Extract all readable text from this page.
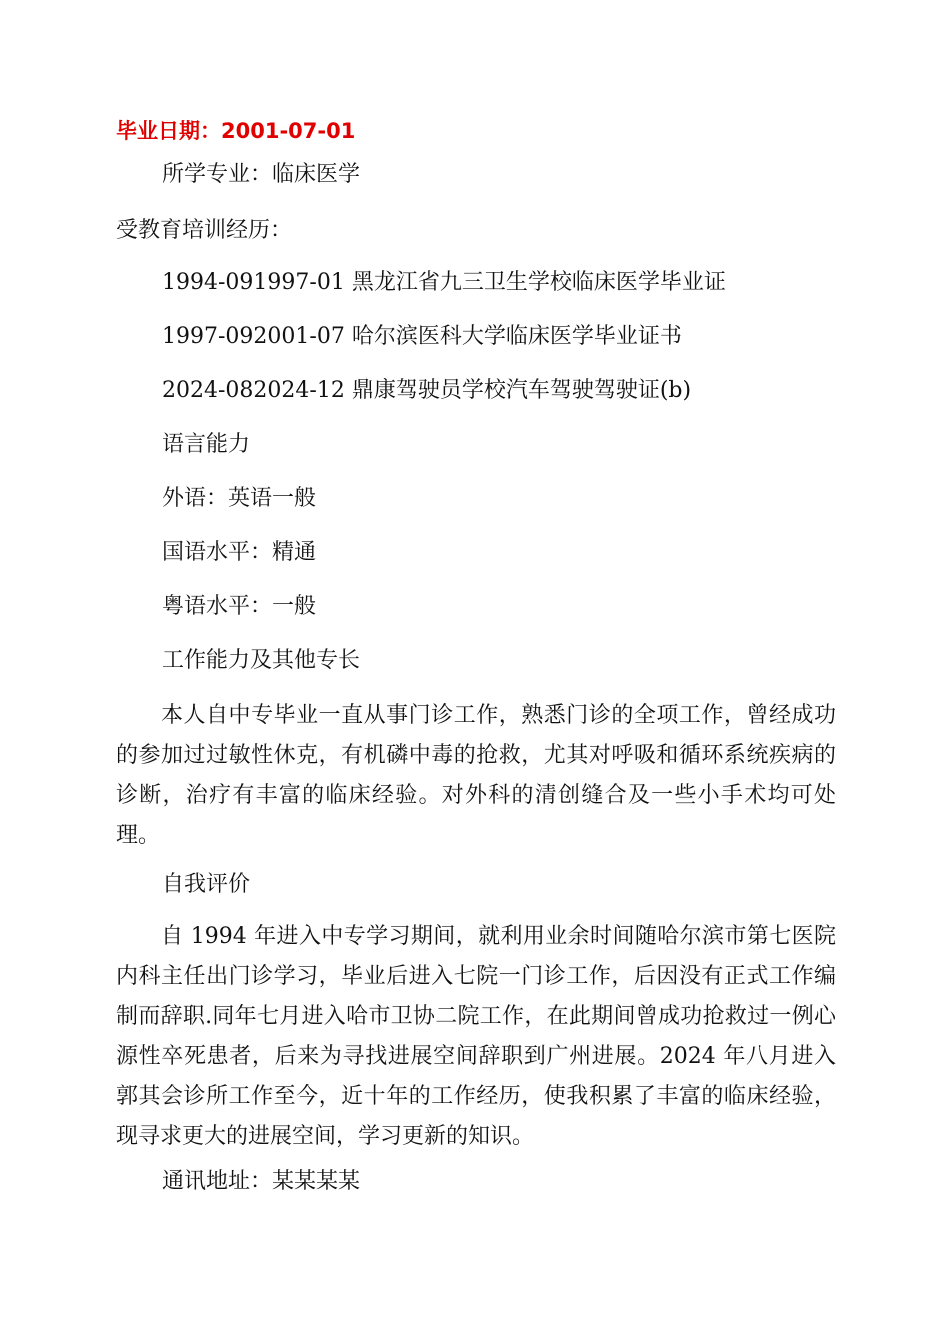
毕业日期：2001-07-01
所学专业：临床医学
受教育培训经历：
1994-091997-01 黑龙江省九三卫生学校临床医学毕业证
1997-092001-07 哈尔滨医科大学临床医学毕业证书
2024-082024-12 鼎康驾驶员学校汽车驾驶驾驶证(b)
语言能力
外语：英语一般
国语水平：精通
粤语水平：一般
工作能力及其他专长
本人自中专毕业一直从事门诊工作，熟悉门诊的全项工作，曾经成功的参加过过敏性休克，有机磷中毒的抢救，尤其对呼吸和循环系统疾病的诊断，治疗有丰富的临床经验。对外科的清创缝合及一些小手术均可处理。
自我评价
自 1994 年进入中专学习期间，就利用业余时间随哈尔滨市第七医院内科主任出门诊学习，毕业后进入七院一门诊工作，后因没有正式工作编制而辞职.同年七月进入哈市卫协二院工作，在此期间曾成功抢救过一例心源性卒死患者，后来为寻找进展空间辞职到广州进展。2024 年八月进入郭其会诊所工作至今，近十年的工作经历，使我积累了丰富的临床经验，现寻求更大的进展空间，学习更新的知识。
通讯地址：某某某某
